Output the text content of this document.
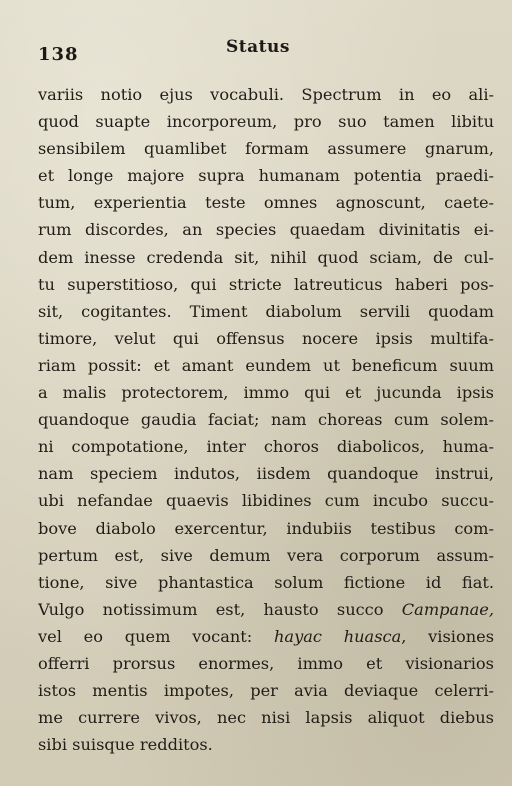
138	Status
variis notio ejus vocabuli. Spectrum in eo ali-
quod suapte incorporeum, pro suo tamen libitu
sensibilem quamlibet formam assumere gnarum,
et longe majore supra humanam potentia praedi-
tum, experientia teste omnes agnoscunt, caete-
rum discordes, an species quaedam divinitatis ei-
dem inesse credenda sit, nihil quod sciam, de cul-
tu superstitioso, qui stricte latreuticus haberi pos-
sit, cogitantes. Timent diabolum servili quodam
timore, velut qui offensus nocere ipsis multifa-
riam possit: et amant eundem ut beneficum suum
a malis protectorem, immo qui et jucunda ipsis
quandoque gaudia faciat; nam choreas cum solem-
ni compotatione, inter choros diabolicos, huma-
nam speciem indutos, iisdem quandoque instrui,
ubi nefandae quaevis libidines cum incubo succu-
bove diabolo exercentur, indubiis testibus com-
pertum est, sive demum vera corporum assum-
tione, sive phantastica solum fictione id fiat.
Vulgo notissimum est, hausto succo Campanae,
vel eo quem vocant: hayac huasca, visiones
offerri prorsus enormes, immo et visionarios
istos mentis impotes, per avia deviaque celerri-
me currere vivos, nec nisi lapsis aliquot diebus
sibi suisque redditos.
